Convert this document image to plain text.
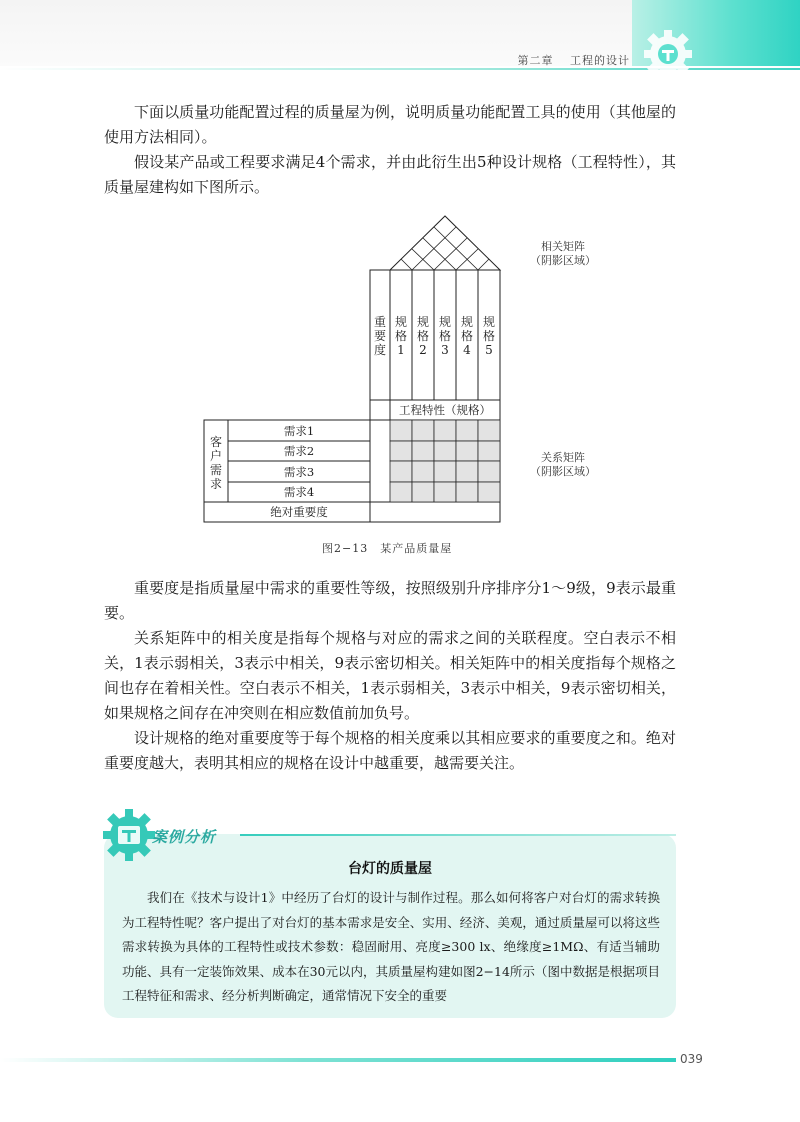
第二章　 工程的设计

下面以质量功能配置过程的质量屋为例，说明质量功能配置工具的使用（其他屋的使用方法相同）。

假设某产品或工程要求满足4个需求，并由此衍生出5种设计规格（工程特性），其质量屋建构如下图所示。

重
要
度
规
格
1
规
格
2
规
格
3
规
格
4
规
格
5
工程特性（规格）
客
户
需
求
需求1
需求2
需求3
需求4
绝对重要度
相关矩阵
（阴影区域）
关系矩阵
（阴影区域）
图2−13　某产品质量屋

重要度是指质量屋中需求的重要性等级，按照级别升序排序分1～9级，9表示最重要。

关系矩阵中的相关度是指每个规格与对应的需求之间的关联程度。空白表示不相关，1表示弱相关，3表示中相关，9表示密切相关。相关矩阵中的相关度指每个规格之间也存在着相关性。空白表示不相关，1表示弱相关，3表示中相关，9表示密切相关，如果规格之间存在冲突则在相应数值前加负号。

设计规格的绝对重要度等于每个规格的相关度乘以其相应要求的重要度之和。绝对重要度越大，表明其相应的规格在设计中越重要，越需要关注。

台灯的质量屋

我们在《技术与设计1》中经历了台灯的设计与制作过程。那么如何将客户对台灯的需求转换为工程特性呢？客户提出了对台灯的基本需求是安全、实用、经济、美观，通过质量屋可以将这些需求转换为具体的工程特性或技术参数：稳固耐用、亮度≥300 lx、绝缘度≥1MΩ、有适当辅助功能、具有一定装饰效果、成本在30元以内，其质量屋构建如图2−14所示（图中数据是根据项目工程特征和需求、经分析判断确定，通常情况下安全的重要

案例分析
039
